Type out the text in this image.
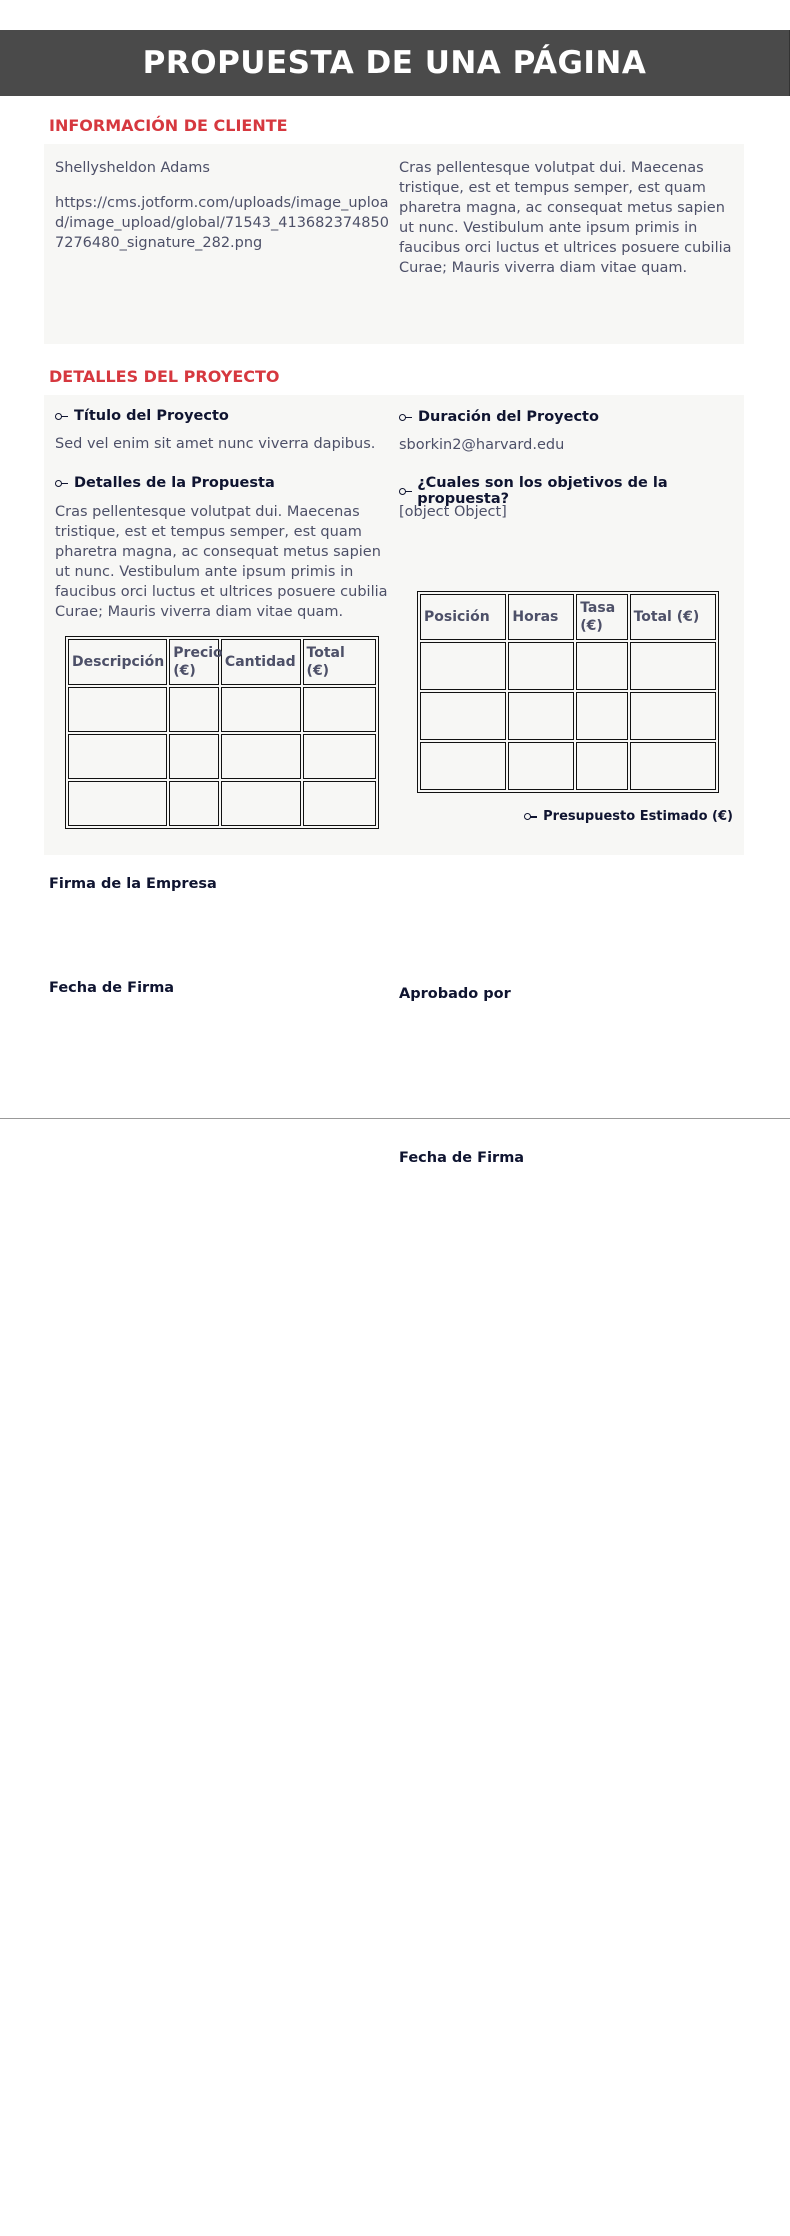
PROPUESTA DE UNA PÁGINA
INFORMACIÓN DE CLIENTE
Shellysheldon Adams
https://cms.jotform.com/uploads/image_upload/image_upload/global/71543_4136823748507276480_signature_282.png
Cras pellentesque volutpat dui. Maecenas tristique, est et tempus semper, est quam pharetra magna, ac consequat metus sapien ut nunc. Vestibulum ante ipsum primis in faucibus orci luctus et ultrices posuere cubilia Curae; Mauris viverra diam vitae quam.
DETALLES DEL PROYECTO
Título del Proyecto
Sed vel enim sit amet nunc viverra dapibus.
Duración del Proyecto
sborkin2@harvard.edu
Detalles de la Propuesta
Cras pellentesque volutpat dui. Maecenas tristique, est et tempus semper, est quam pharetra magna, ac consequat metus sapien ut nunc. Vestibulum ante ipsum primis in faucibus orci luctus et ultrices posuere cubilia Curae; Mauris viverra diam vitae quam.
¿Cuales son los objetivos de la propuesta?
[object Object]
Descripción	Precio (€)	Cantidad	Total (€)

Posición	Horas	Tasa (€)	Total (€)

Presupuesto Estimado (€)
Firma de la Empresa
Fecha de Firma	Aprobado por
Fecha de Firma
